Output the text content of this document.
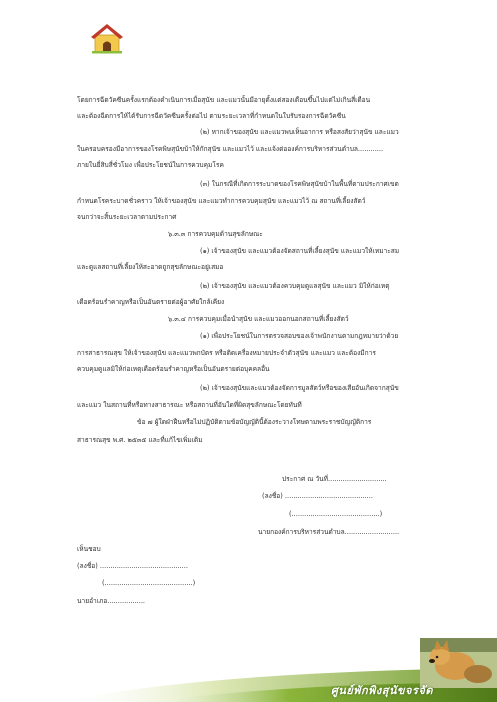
โดยการฉีดวัคซีนครั้งแรกต้องดำเนินการเมื่อสุนัข และแมวนั้นมีอายุตั้งแต่สองเดือนขึ้นไปแต่ไม่เกินสี่เดือน
และต้องฉีดการให้ได้รับการฉีดวัคซีนครั้งต่อไป ตามระยะเวลาที่กำหนดในใบรับรองการฉีดวัคซีน
(๒) หากเจ้าของสุนัข และแมวพบเห็นอาการ หรือสงสัยว่าสุนัข และแมว
ในครอบครองมีอาการของโรคพิษสุนัขบ้าให้กักสุนัข และแมวไว้ และแจ้งต่อองค์การบริหารส่วนตำบล............
ภายในยี่สิบสี่ชั่วโมง เพื่อประโยชน์ในการควบคุมโรค
(๓) ในกรณีที่เกิดการระบาดของโรคพิษสุนัขบ้าในพื้นที่ตามประกาศเขต
กำหนดโรคระบาดชั่วคราว ให้เจ้าของสุนัข และแมวทำการควบคุมสุนัข และแมวไว้ ณ สถานที่เลี้ยงสัตว์
จนกว่าจะสิ้นระยะเวลาตามประกาศ
๖.๓.๓ การควบคุมด้านสุขลักษณะ
(๑) เจ้าของสุนัข และแมวต้องจัดสถานที่เลี้ยงสุนัข และแมวให้เหมาะสม
และดูแลสถานที่เลี้ยงให้สะอาดถูกสุขลักษณะอยู่เสมอ
(๒) เจ้าของสุนัข และแมวต้องควบคุมดูแลสุนัข และแมว มิให้ก่อเหตุ
เดือดร้อนรำคาญหรือเป็นอันตรายต่อผู้อาศัยใกล้เคียง
๖.๓.๔ การควบคุมเมื่อนำสุนัข และแมวออกนอกสถานที่เลี้ยงสัตว์
(๑) เพื่อประโยชน์ในการตรวจสอบของเจ้าพนักงานตามกฎหมายว่าด้วย
การสาธารณสุข ให้เจ้าของสุนัข และแมวพกบัตร หรือติดเครื่องหมายประจำตัวสุนัข และแมว และต้องมีการ
ควบคุมดูแลมิให้ก่อเหตุเดือดร้อนรำคาญหรือเป็นอันตรายต่อบุคคลอื่น
(๒) เจ้าของสุนัขและแมวต้องจัดการมูลสัตว์หรือของเสียอันเกิดจากสุนัข
และแมว ในสถานที่หรือทางสาธารณะ หรือสถานที่อันใดที่ผิดสุขลักษณะโดยทันที
ข้อ ๗ ผู้ใดฝ่าฝืนหรือไม่ปฏิบัติตามข้อบัญญัตินี้ต้องระวางโทษตามพระราชบัญญัติการ
สาธารณสุข พ.ศ. ๒๕๓๕ และที่แก้ไขเพิ่มเติม
ประกาศ ณ วันที่............................
(ลงชื่อ) ..........................................
(..........................................)
นายกองค์การบริหารส่วนตำบล..........................
เห็นชอบ
(ลงชื่อ) ..........................................
(..........................................)
นายอำเภอ..................
ศูนย์พักพิงสุนัขจรจัด
